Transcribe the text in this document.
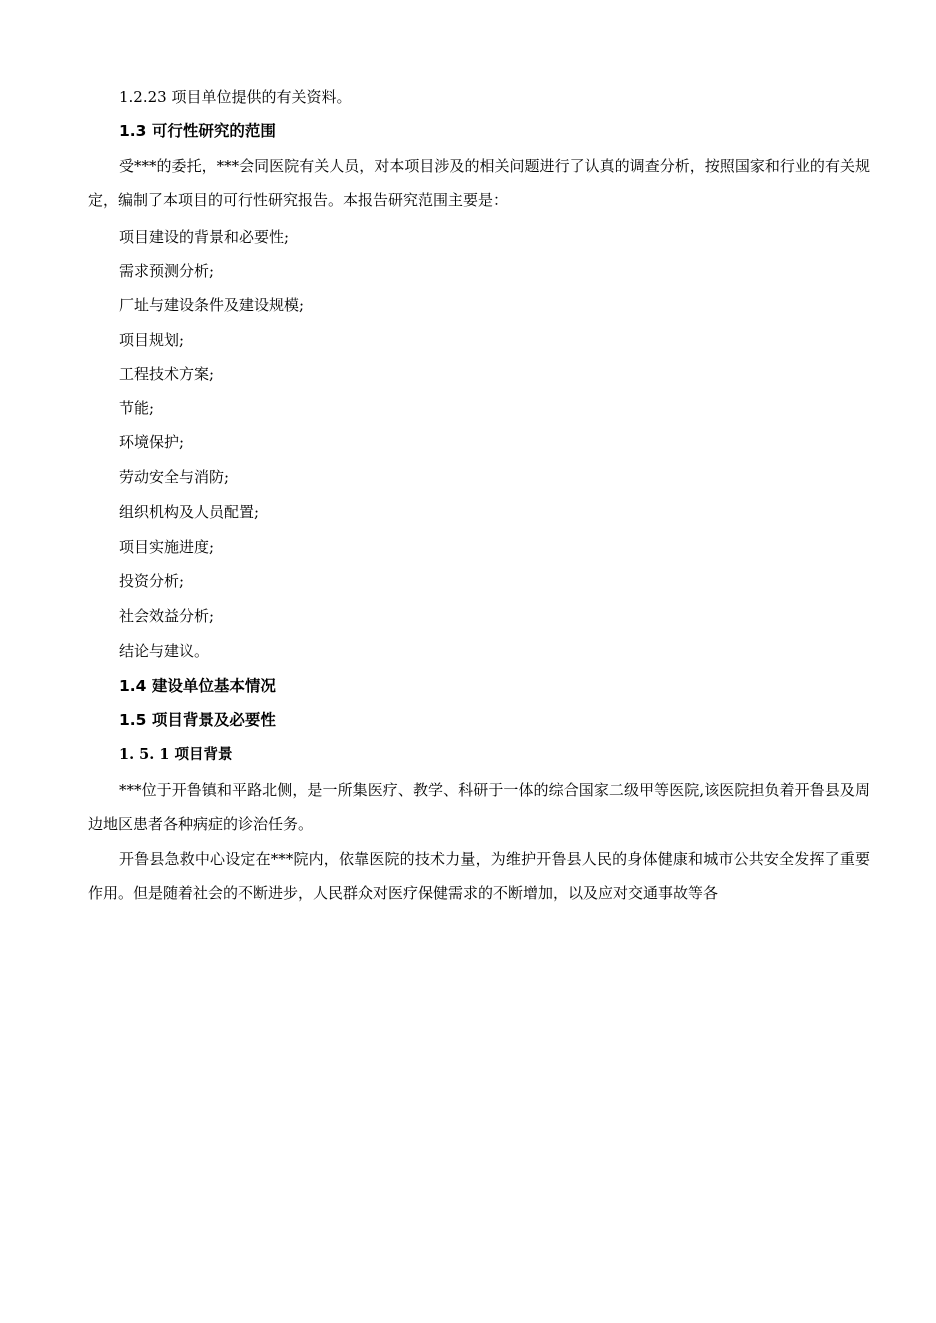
1.2.23 项目单位提供的有关资料。
1.3 可行性研究的范围
受***的委托，***会同医院有关人员，对本项目涉及的相关问题进行了认真的调查分析，按照国家和行业的有关规定，编制了本项目的可行性研究报告。本报告研究范围主要是：
项目建设的背景和必要性;
需求预测分析;
厂址与建设条件及建设规模;
项目规划;
工程技术方案;
节能;
环境保护;
劳动安全与消防;
组织机构及人员配置;
项目实施进度;
投资分析;
社会效益分析;
结论与建议。
1.4 建设单位基本情况
1.5 项目背景及必要性
1. 5. 1 项目背景
***位于开鲁镇和平路北侧，是一所集医疗、教学、科研于一体的综合国家二级甲等医院,该医院担负着开鲁县及周边地区患者各种病症的诊治任务。
开鲁县急救中心设定在***院内，依靠医院的技术力量，为维护开鲁县人民的身体健康和城市公共安全发挥了重要作用。但是随着社会的不断进步，人民群众对医疗保健需求的不断增加，以及应对交通事故等各
